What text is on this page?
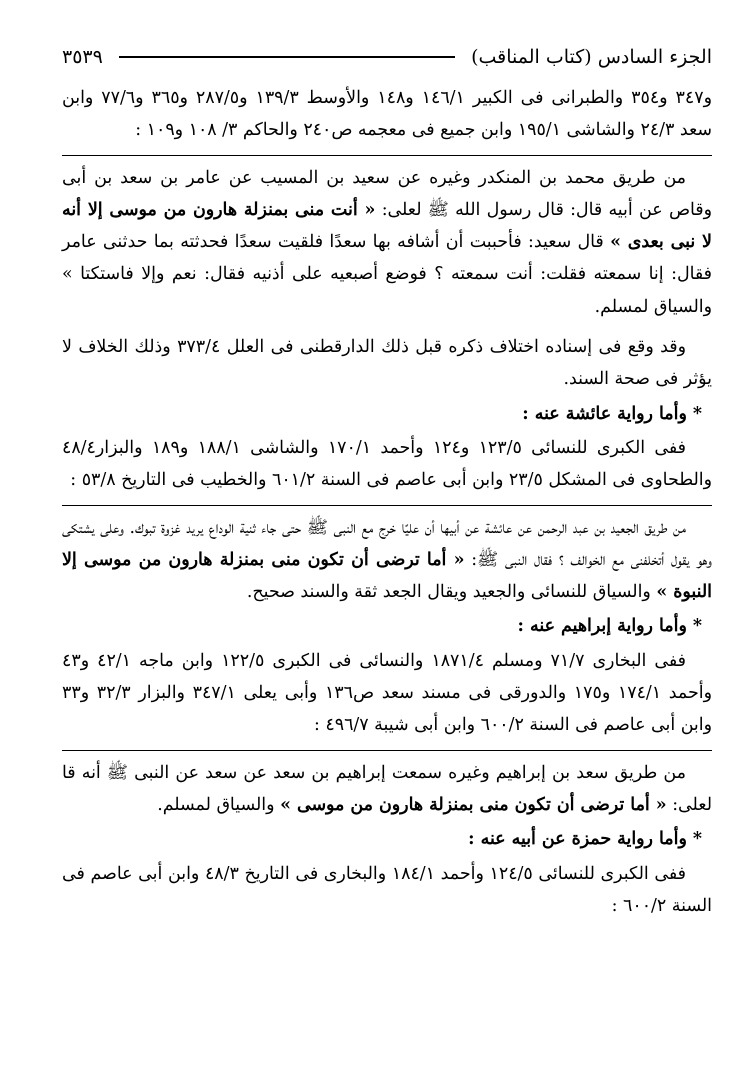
الجزء السادس (كتاب المناقب)
٣٥٣٩

و٣٤٧ و٣٥٤ والطبرانى فى الكبير ١٤٦/١ و١٤٨ والأوسط ١٣٩/٣ و٢٨٧/٥ و٣٦٥ و٧٧/٦ وابن سعد ٢٤/٣ والشاشى ١٩٥/١ وابن جميع فى معجمه ص٢٤٠ والحاكم ٣/ ١٠٨ و١٠٩ :

من طريق محمد بن المنكدر وغيره عن سعيد بن المسيب عن عامر بن سعد بن أبى وقاص عن أبيه قال: قال رسول الله ﷺ لعلى: « أنت منى بمنزلة هارون من موسى إلا أنه لا نبى بعدى » قال سعيد: فأحببت أن أشافه بها سعدًا فلقيت سعدًا فحدثته بما حدثنى عامر فقال: إنا سمعته فقلت: أنت سمعته ؟ فوضع أصبعيه على أذنيه فقال: نعم وإلا فاستكتا » والسياق لمسلم.

وقد وقع فى إسناده اختلاف ذكره قبل ذلك الدارقطنى فى العلل ٣٧٣/٤ وذلك الخلاف لا يؤثر فى صحة السند.

* وأما رواية عائشة عنه :

ففى الكبرى للنسائى ١٢٣/٥ و١٢٤ وأحمد ١٧٠/١ والشاشى ١٨٨/١ و١٨٩ والبزار٤٨/٤ والطحاوى فى المشكل ٢٣/٥ وابن أبى عاصم فى السنة ٦٠١/٢ والخطيب فى التاريخ ٥٣/٨ :

من طريق الجعيد بن عبد الرحمن عن عائشة عن أبيها أن عليًا خرج مع النبى ﷺ حتى جاء ثنية الوداع يريد غزوة تبوك. وعلى يشتكى وهو يقول أتخلفنى مع الخوالف ؟ فقال النبى ﷺ: « أما ترضى أن تكون منى بمنزلة هارون من موسى إلا النبوة » والسياق للنسائى والجعيد ويقال الجعد ثقة والسند صحيح.

* وأما رواية إبراهيم عنه :

ففى البخارى ٧١/٧ ومسلم ١٨٧١/٤ والنسائى فى الكبرى ١٢٢/٥ وابن ماجه ٤٢/١ و٤٣ وأحمد ١٧٤/١ و١٧٥ والدورقى فى مسند سعد ص١٣٦ وأبى يعلى ٣٤٧/١ والبزار ٣٢/٣ و٣٣ وابن أبى عاصم فى السنة ٦٠٠/٢ وابن أبى شيبة ٤٩٦/٧ :

من طريق سعد بن إبراهيم وغيره سمعت إبراهيم بن سعد عن سعد عن النبى ﷺ أنه قا لعلى: « أما ترضى أن تكون منى بمنزلة هارون من موسى » والسياق لمسلم.

* وأما رواية حمزة عن أبيه عنه :

ففى الكبرى للنسائى ١٢٤/٥ وأحمد ١٨٤/١ والبخارى فى التاريخ ٤٨/٣ وابن أبى عاصم فى السنة ٦٠٠/٢ :
